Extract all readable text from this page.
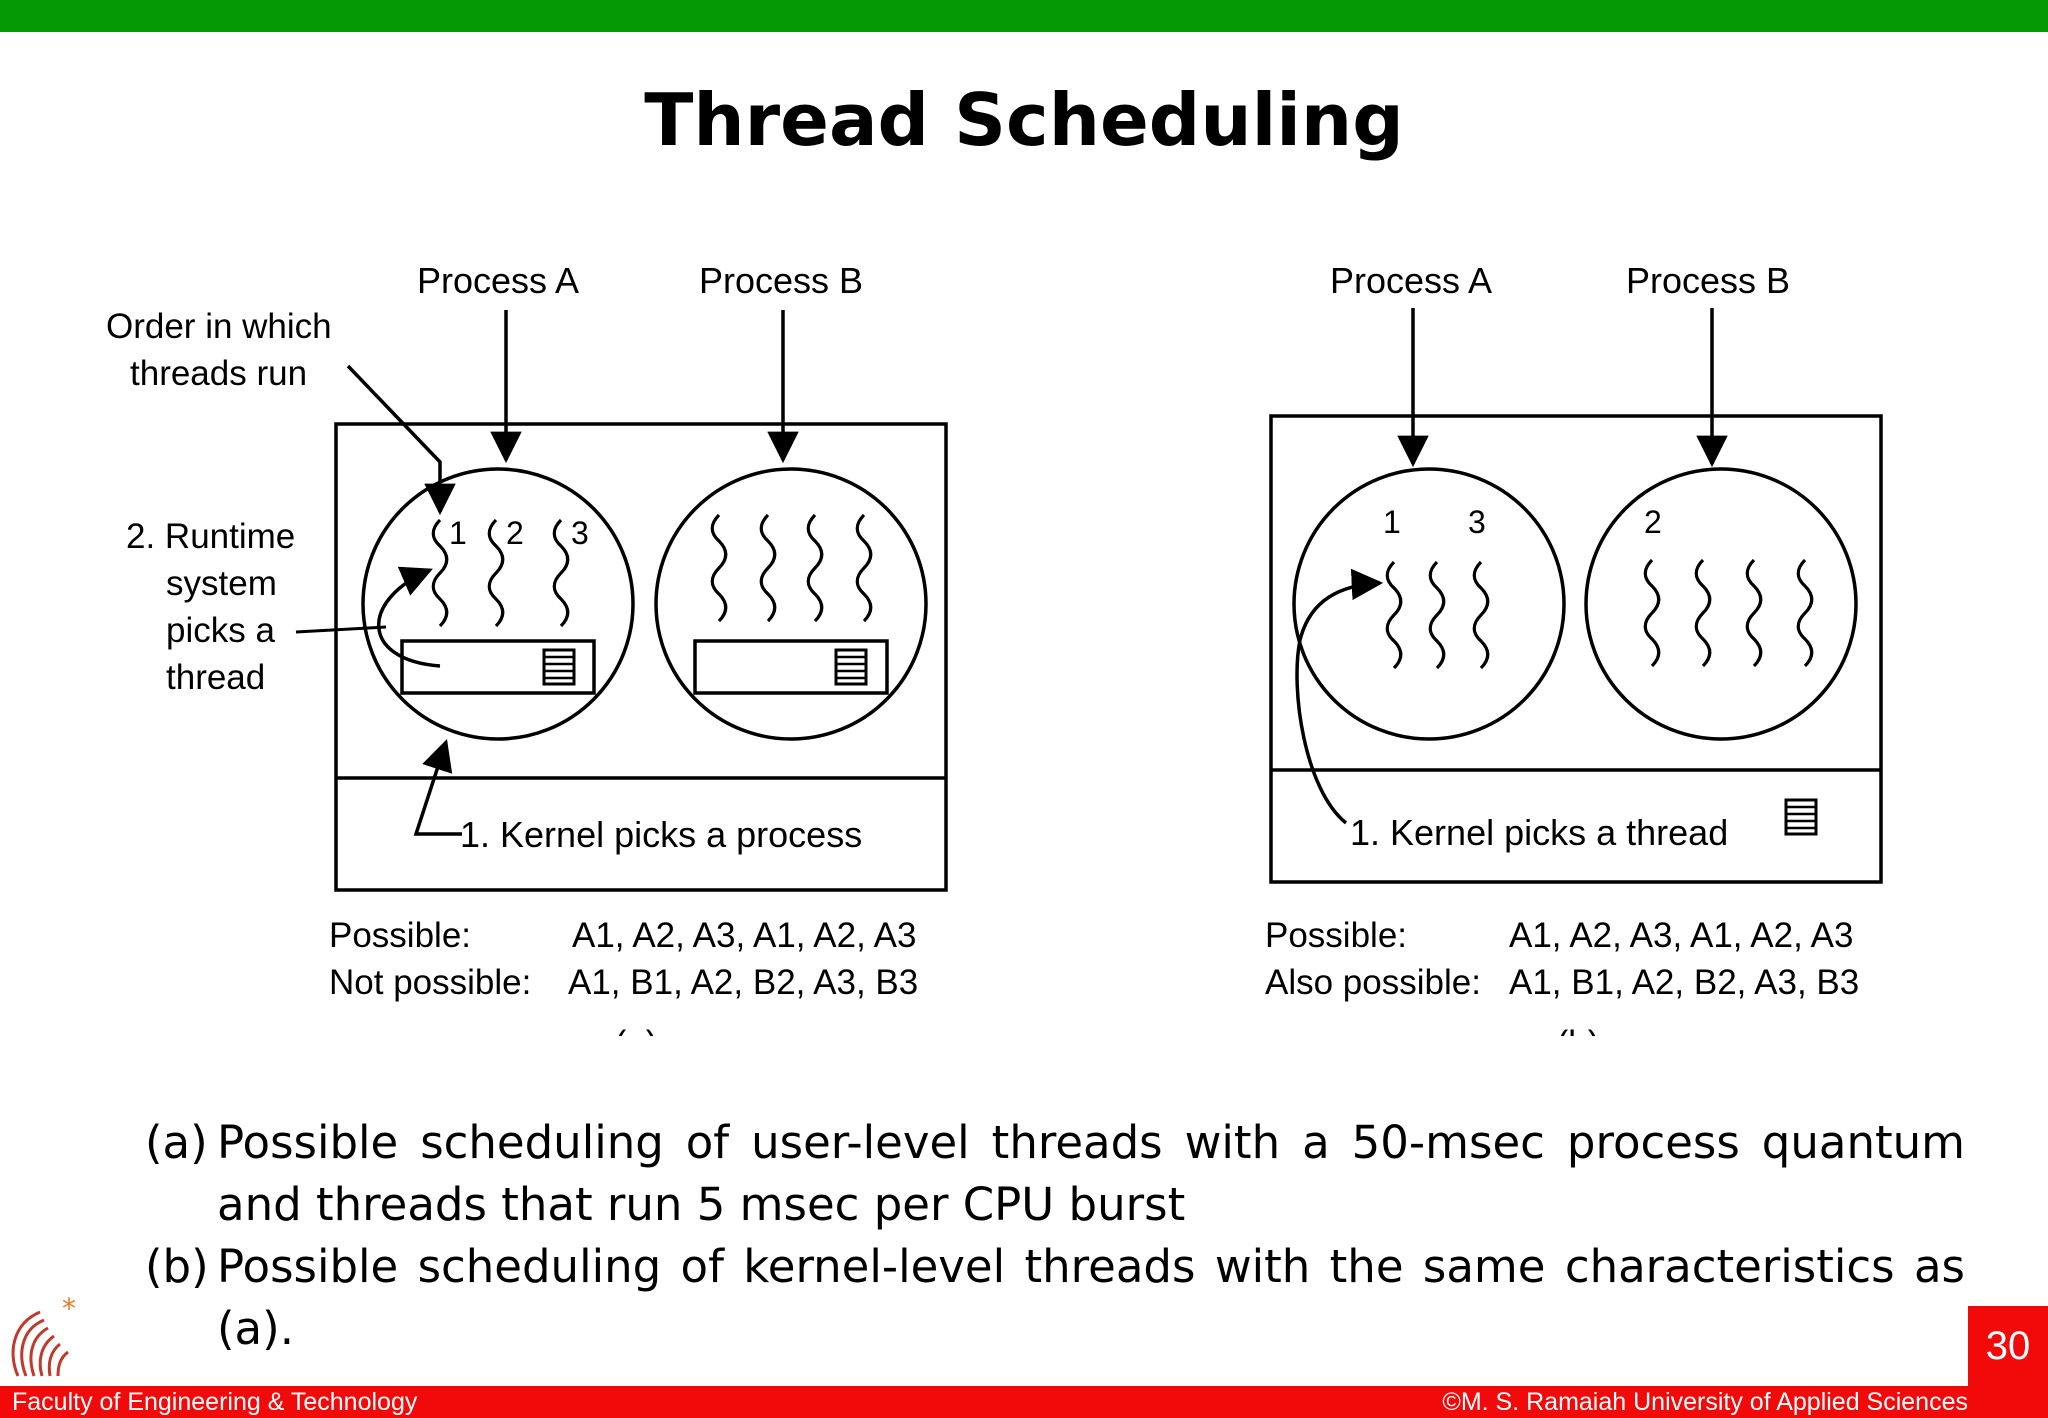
Thread Scheduling
Process A	Process B
Order in which
threads run
2. Runtime
system
picks a
thread
1 2 3
1. Kernel picks a process
Possible:	A1, A2, A3, A1, A2, A3
Not possible: A1, B1, A2, B2, A3, B3
Process A	Process B
1 3	2
1. Kernel picks a thread
Possible:	A1, A2, A3, A1, A2, A3
Also possible: A1, B1, A2, B2, A3, B3
(a) Possible scheduling of user-level threads with a 50-msec process quantum and threads that run 5 msec per CPU burst
(b) Possible scheduling of kernel-level threads with the same characteristics as (a).
*
30
Faculty of Engineering & Technology	©M. S. Ramaiah University of Applied Sciences
